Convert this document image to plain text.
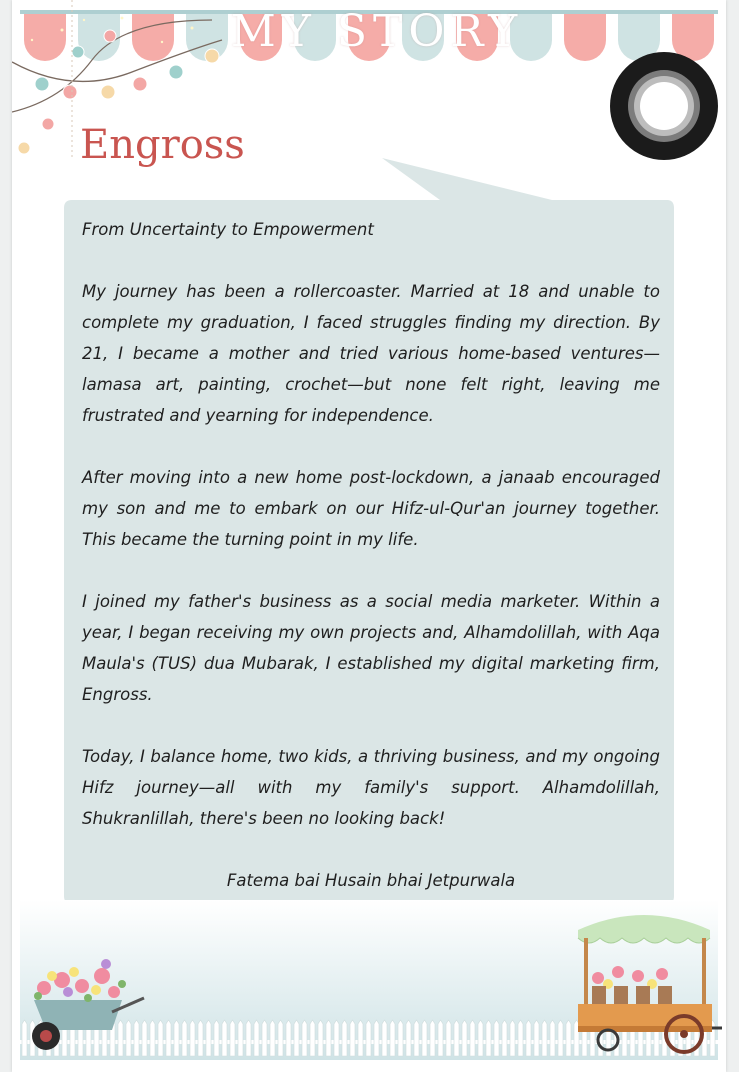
MY STORY
Engross

From Uncertainty to Empowerment

My journey has been a rollercoaster. Married at 18 and unable to complete my graduation, I faced struggles finding my direction. By 21, I became a mother and tried various home-based ventures—lamasa art, painting, crochet—but none felt right, leaving me frustrated and yearning for independence.

After moving into a new home post-lockdown, a janaab encouraged my son and me to embark on our Hifz-ul-Qur'an journey together. This became the turning point in my life.

I joined my father's business as a social media marketer. Within a year, I began receiving my own projects and, Alhamdolillah, with Aqa Maula's (TUS) dua Mubarak, I established my digital marketing firm, Engross.

Today, I balance home, two kids, a thriving business, and my ongoing Hifz journey—all with my family's support. Alhamdolillah, Shukranlillah, there's been no looking back!

Fatema bai Husain bhai Jetpurwala
